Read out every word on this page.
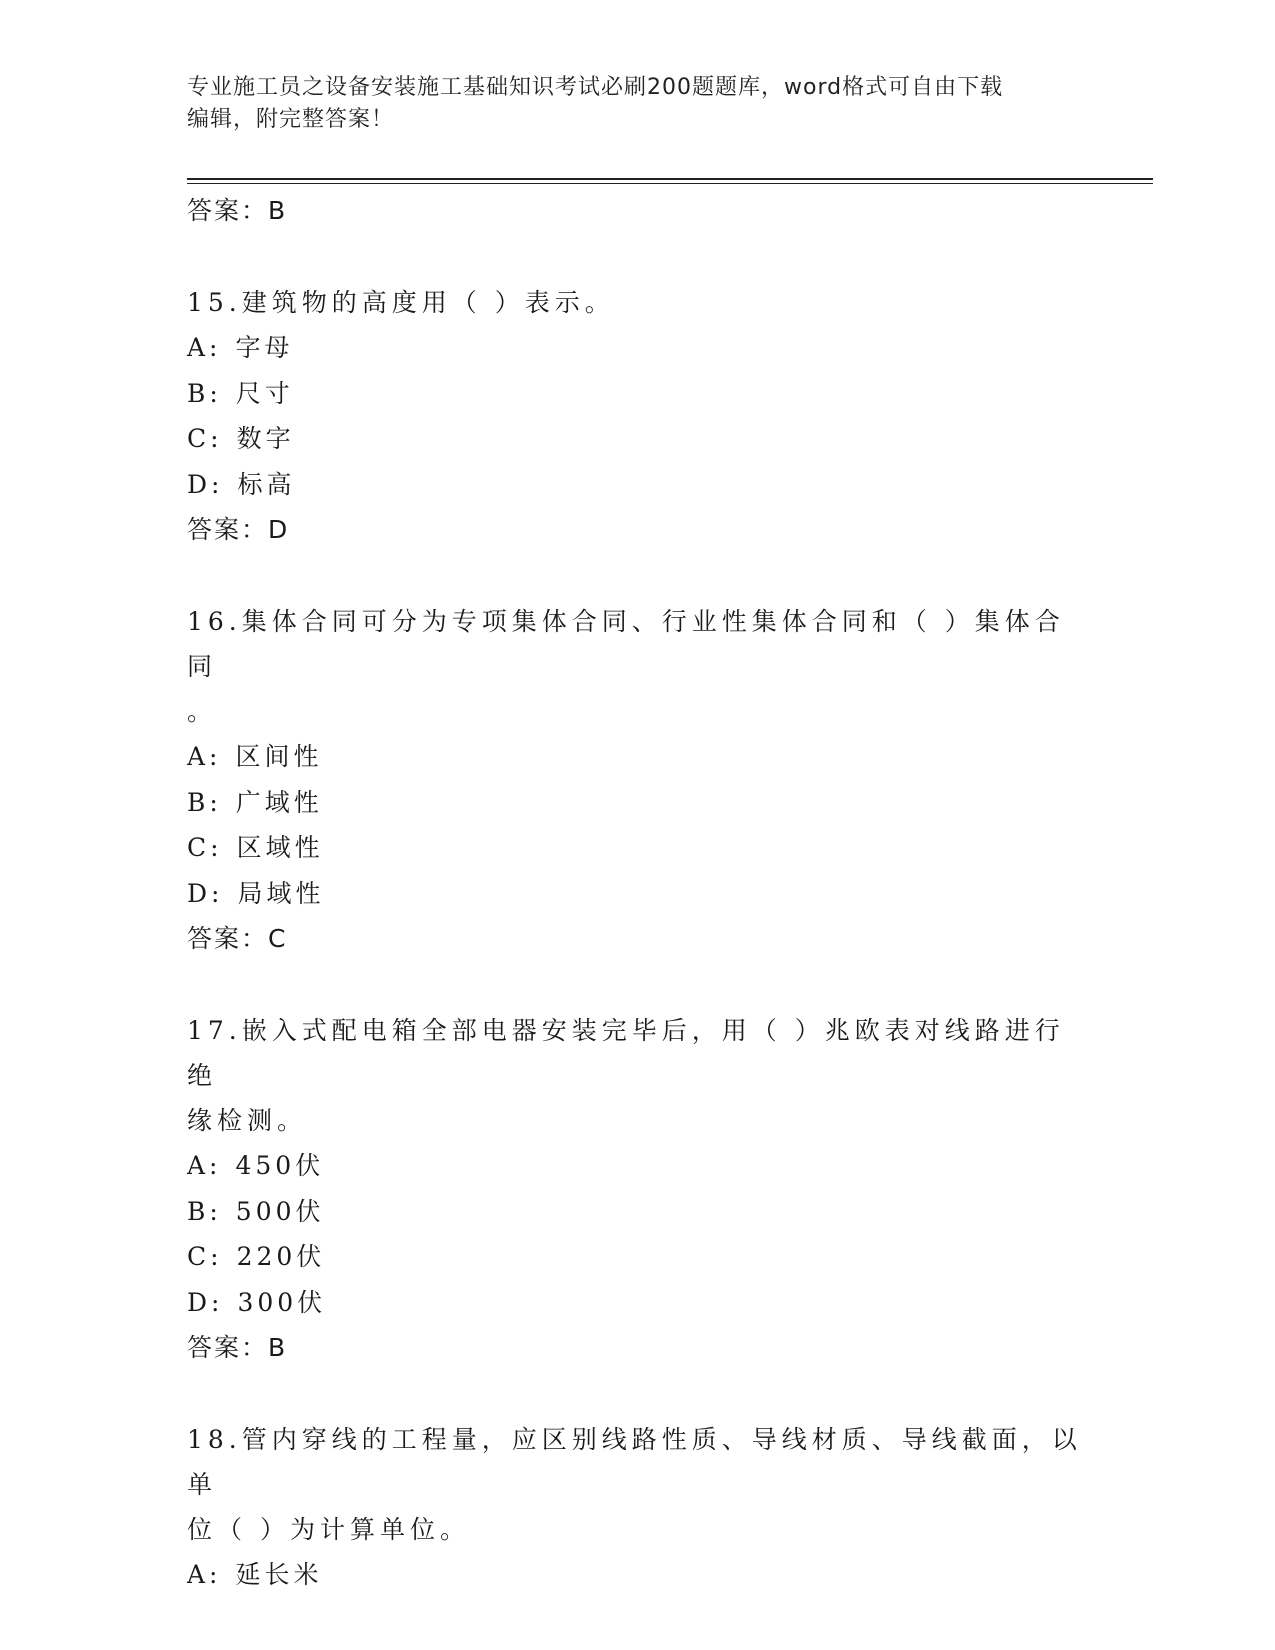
专业施工员之设备安装施工基础知识考试必刷200题题库，word格式可自由下载
编辑，附完整答案！
答案：B
15.建筑物的高度用（ ）表示。
A: 字母
B: 尺寸
C: 数字
D: 标高
答案：D
16.集体合同可分为专项集体合同、行业性集体合同和（ ）集体合同
。
A: 区间性
B: 广域性
C: 区域性
D: 局域性
答案：C
17.嵌入式配电箱全部电器安装完毕后，用（ ）兆欧表对线路进行绝
缘检测。
A: 450伏
B: 500伏
C: 220伏
D: 300伏
答案：B
18.管内穿线的工程量，应区别线路性质、导线材质、导线截面，以单
位（ ）为计算单位。
A: 延长米
